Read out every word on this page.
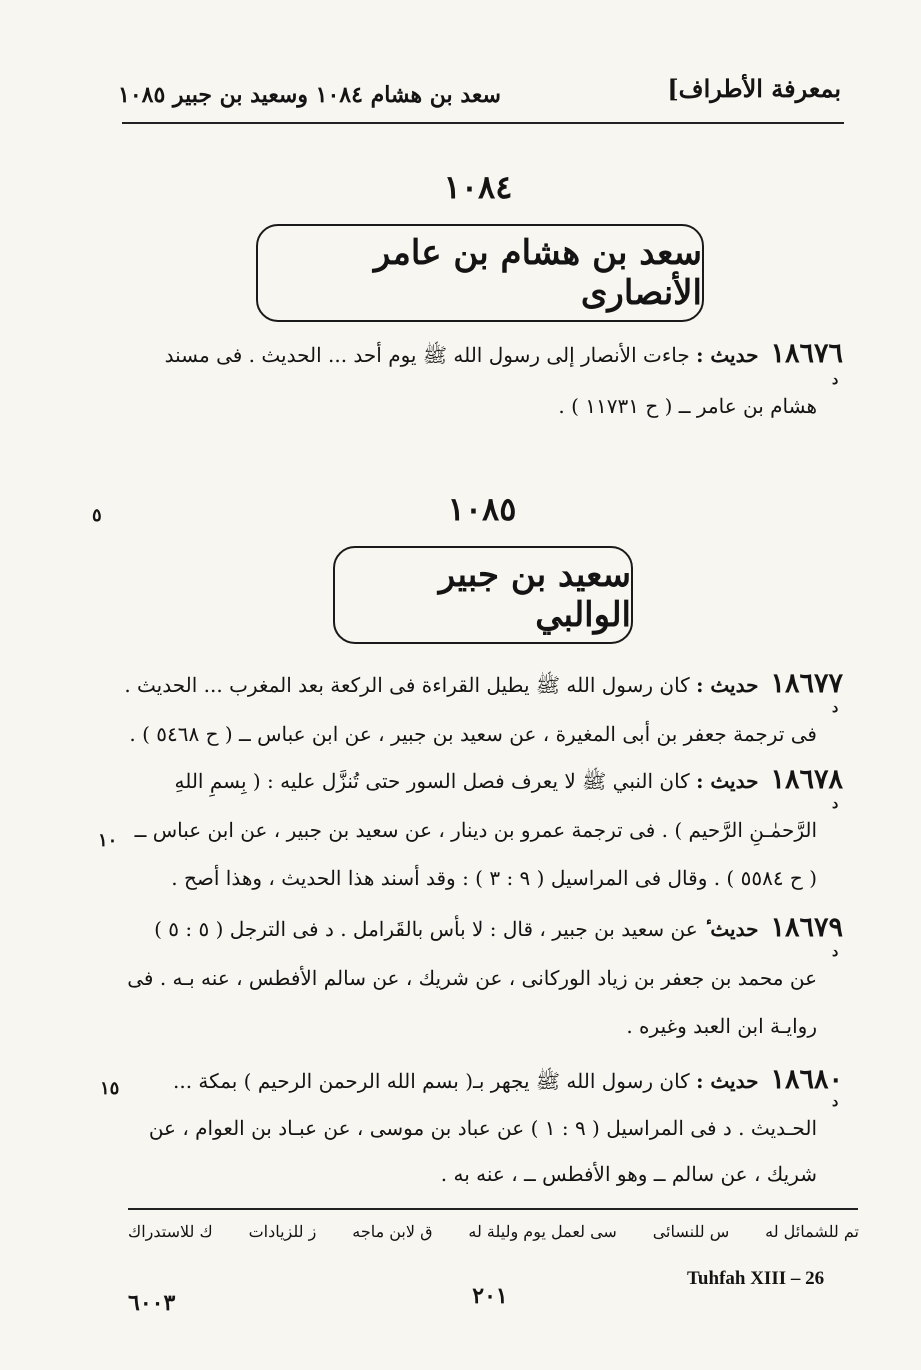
سعد بن هشام ١٠٨٤ وسعيد بن جبير ١٠٨٥	بمعرفة الأطراف]
١٠٨٤
سعد بن هشام بن عامر الأنصارى
١٨٦٧٦حديث : جاءت الأنصار إلى رسول الله ﷺ يوم أحد ... الحديث . فى مسند
د
هشام بن عامر ــ ( ح ١١٧٣١ ) .
١٠٨٥
٥
سعيد بن جبير الوالبي
١٨٦٧٧حديث : كان رسول الله ﷺ يطيل القراءة فى الركعة بعد المغرب ... الحديث .
د
فى ترجمة جعفر بن أبى المغيرة ، عن سعيد بن جبير ، عن ابن عباس ــ ( ح ٥٤٦٨ ) .
١٨٦٧٨حديث : كان النبي ﷺ لا يعرف فصل السور حتى تُنزَّل عليه : ( بِسمِ اللهِ
د
الرَّحمٰـنِ الرَّحيم ) . فى ترجمة عمرو بن دينار ، عن سعيد بن جبير ، عن ابن عباس ــ
١٠
( ح ٥٥٨٤ ) . وقال فى المراسيل ( ٩ : ٣ ) : وقد أسند هذا الحديث ، وهذا أصح .
١٨٦٧٩حديث ٔ عن سعيد بن جبير ، قال : لا بأس بالقَرامل . د فى الترجل ( ٥ : ٥ )
د
عن محمد بن جعفر بن زياد الوركانى ، عن شريك ، عن سالم الأفطس ، عنه بـه . فى
روايـة ابن العبد وغيره .
١٨٦٨٠حديث : كان رسول الله ﷺ يجهر بـ( بسم الله الرحمن الرحيم ) بمكة ...
د
١٥
الحـديث . د فى المراسيل ( ٩ : ١ ) عن عباد بن موسى ، عن عبـاد بن العوام ، عن
شريك ، عن سالم ــ وهو الأفطس ــ ، عنه به .
تم للشمائل له
س للنسائى
سى لعمل يوم وليلة له
ق لابن ماجه
ز للزيادات
ك للاستدراك
٦٠٠٣	٢٠١
Tuhfah XIII – 26
